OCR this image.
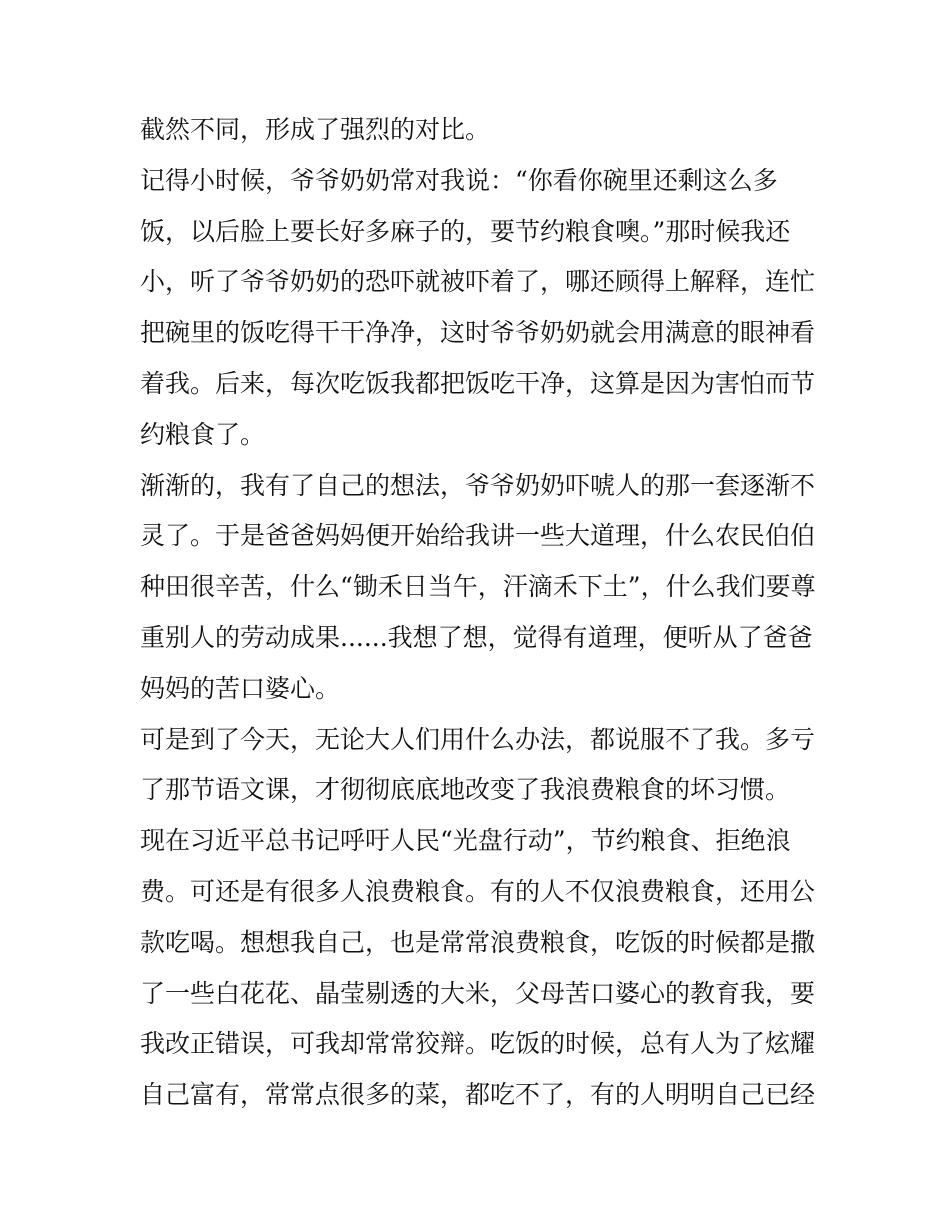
截然不同，形成了强烈的对比。
记得小时候，爷爷奶奶常对我说：“你看你碗里还剩这么多
饭，以后脸上要长好多麻子的，要节约粮食噢。”那时候我还
小，听了爷爷奶奶的恐吓就被吓着了，哪还顾得上解释，连忙
把碗里的饭吃得干干净净，这时爷爷奶奶就会用满意的眼神看
着我。后来，每次吃饭我都把饭吃干净，这算是因为害怕而节
约粮食了。
渐渐的，我有了自己的想法，爷爷奶奶吓唬人的那一套逐渐不
灵了。于是爸爸妈妈便开始给我讲一些大道理，什么农民伯伯
种田很辛苦，什么“锄禾日当午，汗滴禾下土”，什么我们要尊
重别人的劳动成果......我想了想，觉得有道理，便听从了爸爸
妈妈的苦口婆心。
可是到了今天，无论大人们用什么办法，都说服不了我。多亏
了那节语文课，才彻彻底底地改变了我浪费粮食的坏习惯。
现在习近平总书记呼吁人民“光盘行动”，节约粮食、拒绝浪
费。可还是有很多人浪费粮食。有的人不仅浪费粮食，还用公
款吃喝。想想我自己，也是常常浪费粮食，吃饭的时候都是撒
了一些白花花、晶莹剔透的大米，父母苦口婆心的教育我，要
我改正错误，可我却常常狡辩。吃饭的时候，总有人为了炫耀
自己富有，常常点很多的菜，都吃不了，有的人明明自己已经
